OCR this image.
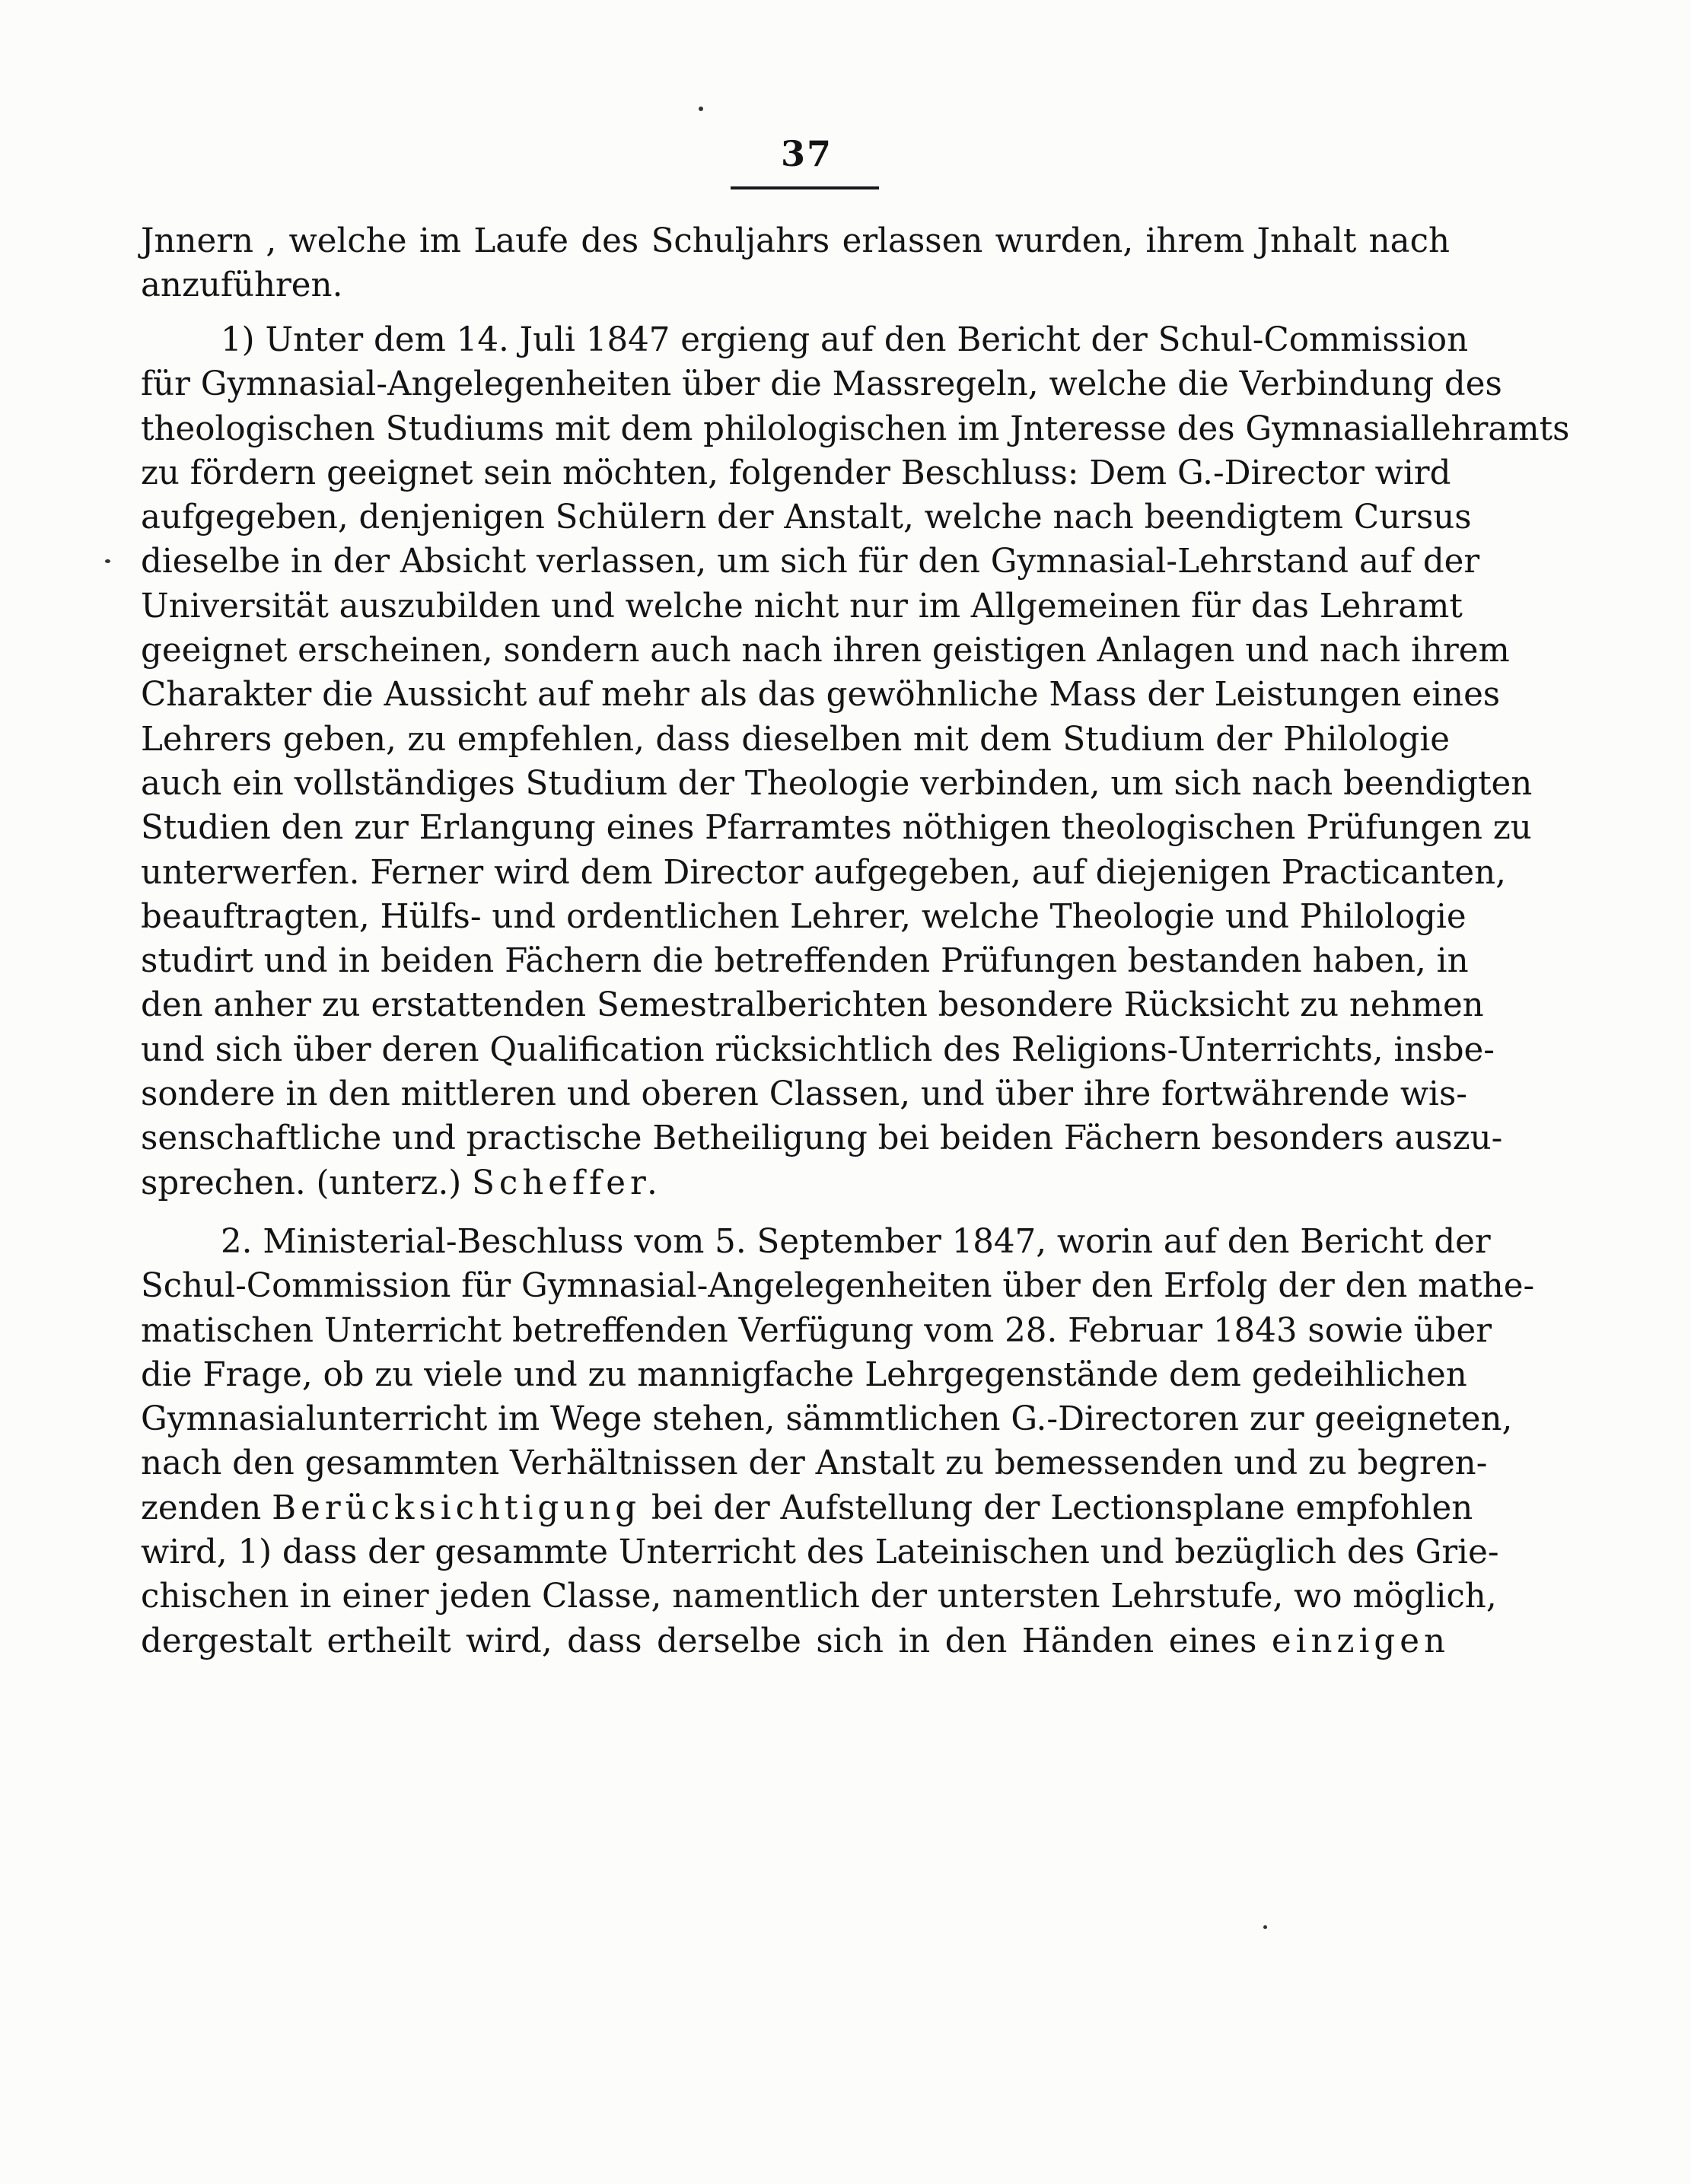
37
Jnnern , welche im Laufe des Schuljahrs erlassen wurden, ihrem Jnhalt nach
anzuführen.
1) Unter dem 14. Juli 1847 ergieng auf den Bericht der Schul-Commission
für Gymnasial-Angelegenheiten über die Massregeln, welche die Verbindung des
theologischen Studiums mit dem philologischen im Jnteresse des Gymnasiallehramts
zu fördern geeignet sein möchten, folgender Beschluss: Dem G.-Director wird
aufgegeben, denjenigen Schülern der Anstalt, welche nach beendigtem Cursus
dieselbe in der Absicht verlassen, um sich für den Gymnasial-Lehrstand auf der
Universität auszubilden und welche nicht nur im Allgemeinen für das Lehramt
geeignet erscheinen, sondern auch nach ihren geistigen Anlagen und nach ihrem
Charakter die Aussicht auf mehr als das gewöhnliche Mass der Leistungen eines
Lehrers geben, zu empfehlen, dass dieselben mit dem Studium der Philologie
auch ein vollständiges Studium der Theologie verbinden, um sich nach beendigten
Studien den zur Erlangung eines Pfarramtes nöthigen theologischen Prüfungen zu
unterwerfen. Ferner wird dem Director aufgegeben, auf diejenigen Practicanten,
beauftragten, Hülfs- und ordentlichen Lehrer, welche Theologie und Philologie
studirt und in beiden Fächern die betreffenden Prüfungen bestanden haben, in
den anher zu erstattenden Semestralberichten besondere Rücksicht zu nehmen
und sich über deren Qualification rücksichtlich des Religions-Unterrichts, insbe-
sondere in den mittleren und oberen Classen, und über ihre fortwährende wis-
senschaftliche und practische Betheiligung bei beiden Fächern besonders auszu-
sprechen. (unterz.) Scheffer.
2. Ministerial-Beschluss vom 5. September 1847, worin auf den Bericht der
Schul-Commission für Gymnasial-Angelegenheiten über den Erfolg der den mathe-
matischen Unterricht betreffenden Verfügung vom 28. Februar 1843 sowie über
die Frage, ob zu viele und zu mannigfache Lehrgegenstände dem gedeihlichen
Gymnasialunterricht im Wege stehen, sämmtlichen G.-Directoren zur geeigneten,
nach den gesammten Verhältnissen der Anstalt zu bemessenden und zu begren-
zenden Berücksichtigung bei der Aufstellung der Lectionsplane empfohlen
wird, 1) dass der gesammte Unterricht des Lateinischen und bezüglich des Grie-
chischen in einer jeden Classe, namentlich der untersten Lehrstufe, wo möglich,
dergestalt ertheilt wird, dass derselbe sich in den Händen eines einzigen
